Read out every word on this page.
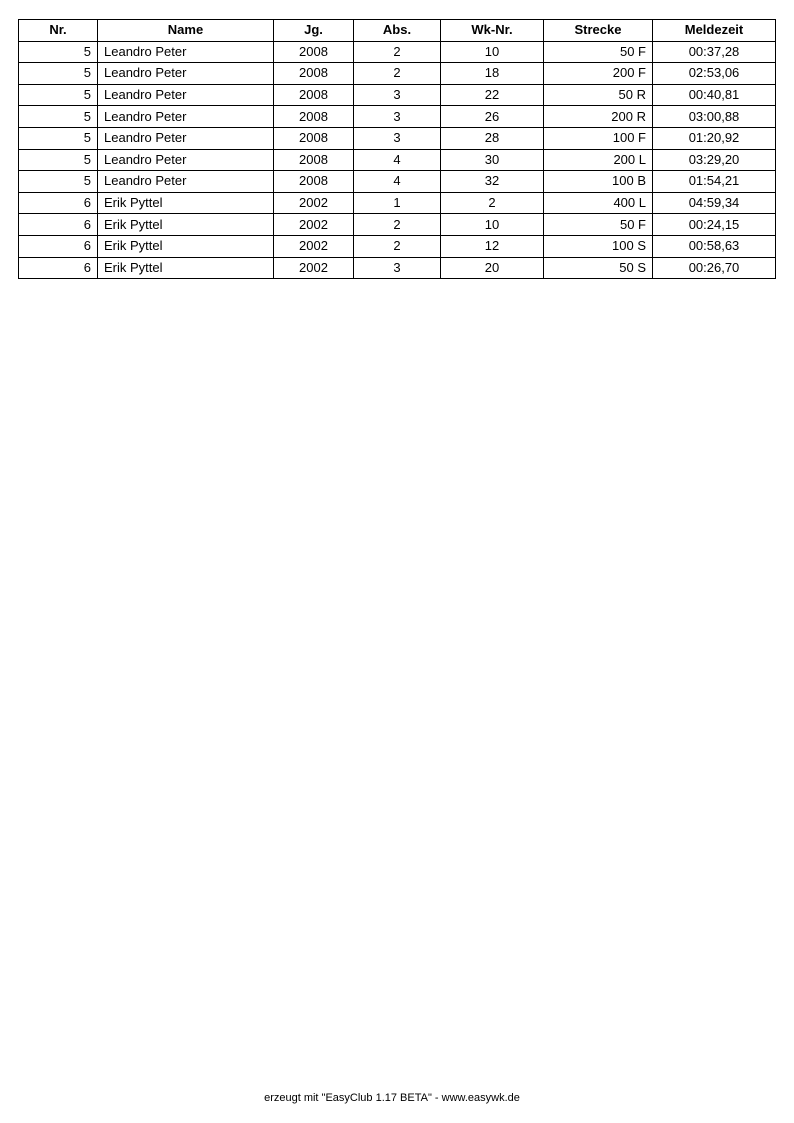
Nr.	Name	Jg.	Abs.	Wk-Nr.	Strecke	Meldezeit
5	Leandro Peter	2008	2	10	50 F	00:37,28
5	Leandro Peter	2008	2	18	200 F	02:53,06
5	Leandro Peter	2008	3	22	50 R	00:40,81
5	Leandro Peter	2008	3	26	200 R	03:00,88
5	Leandro Peter	2008	3	28	100 F	01:20,92
5	Leandro Peter	2008	4	30	200 L	03:29,20
5	Leandro Peter	2008	4	32	100 B	01:54,21
6	Erik Pyttel	2002	1	2	400 L	04:59,34
6	Erik Pyttel	2002	2	10	50 F	00:24,15
6	Erik Pyttel	2002	2	12	100 S	00:58,63
6	Erik Pyttel	2002	3	20	50 S	00:26,70
erzeugt mit "EasyClub 1.17 BETA" - www.easywk.de
